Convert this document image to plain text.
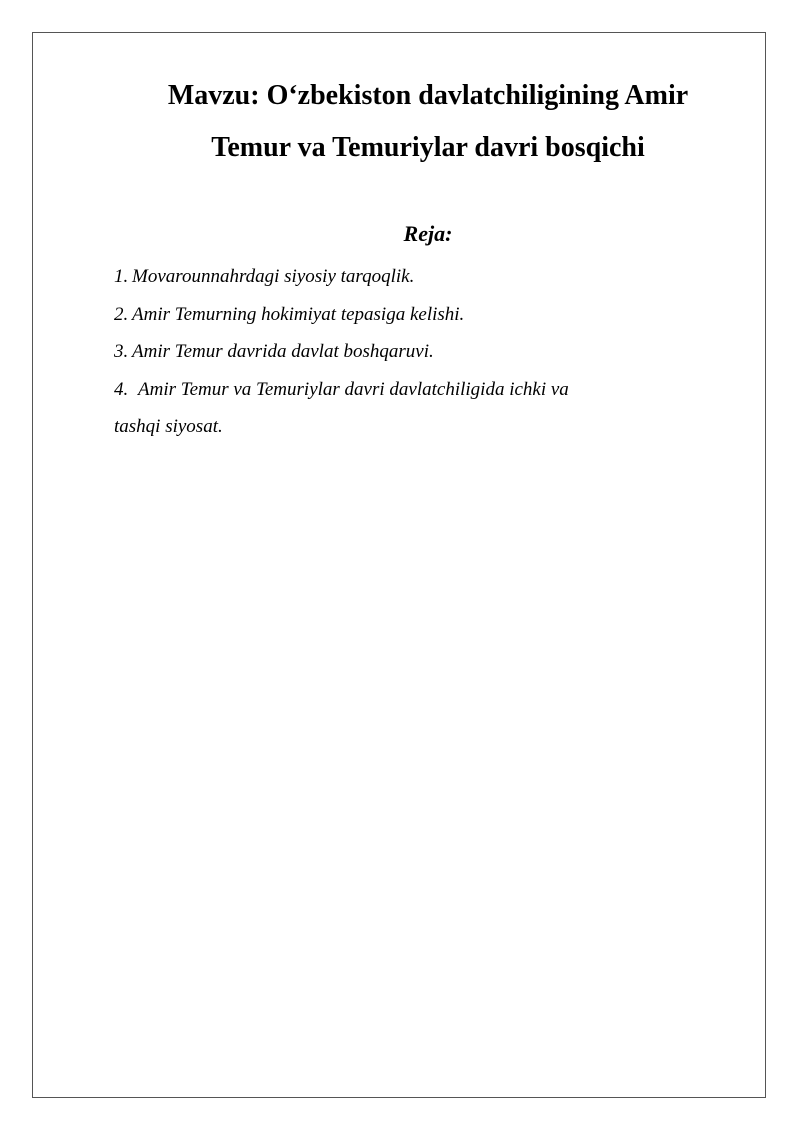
Mavzu: O‘zbekiston davlatchiligining Amir
Temur va Temuriylar davri bosqichi

Reja:

1. Movarounnahrdagi siyosiy tarqoqlik.
2. Amir Temurning hokimiyat tepasiga kelishi.
3. Amir Temur davrida davlat boshqaruvi.
4. Amir Temur va Temuriylar davri davlatchiligida ichki va
tashqi siyosat.
